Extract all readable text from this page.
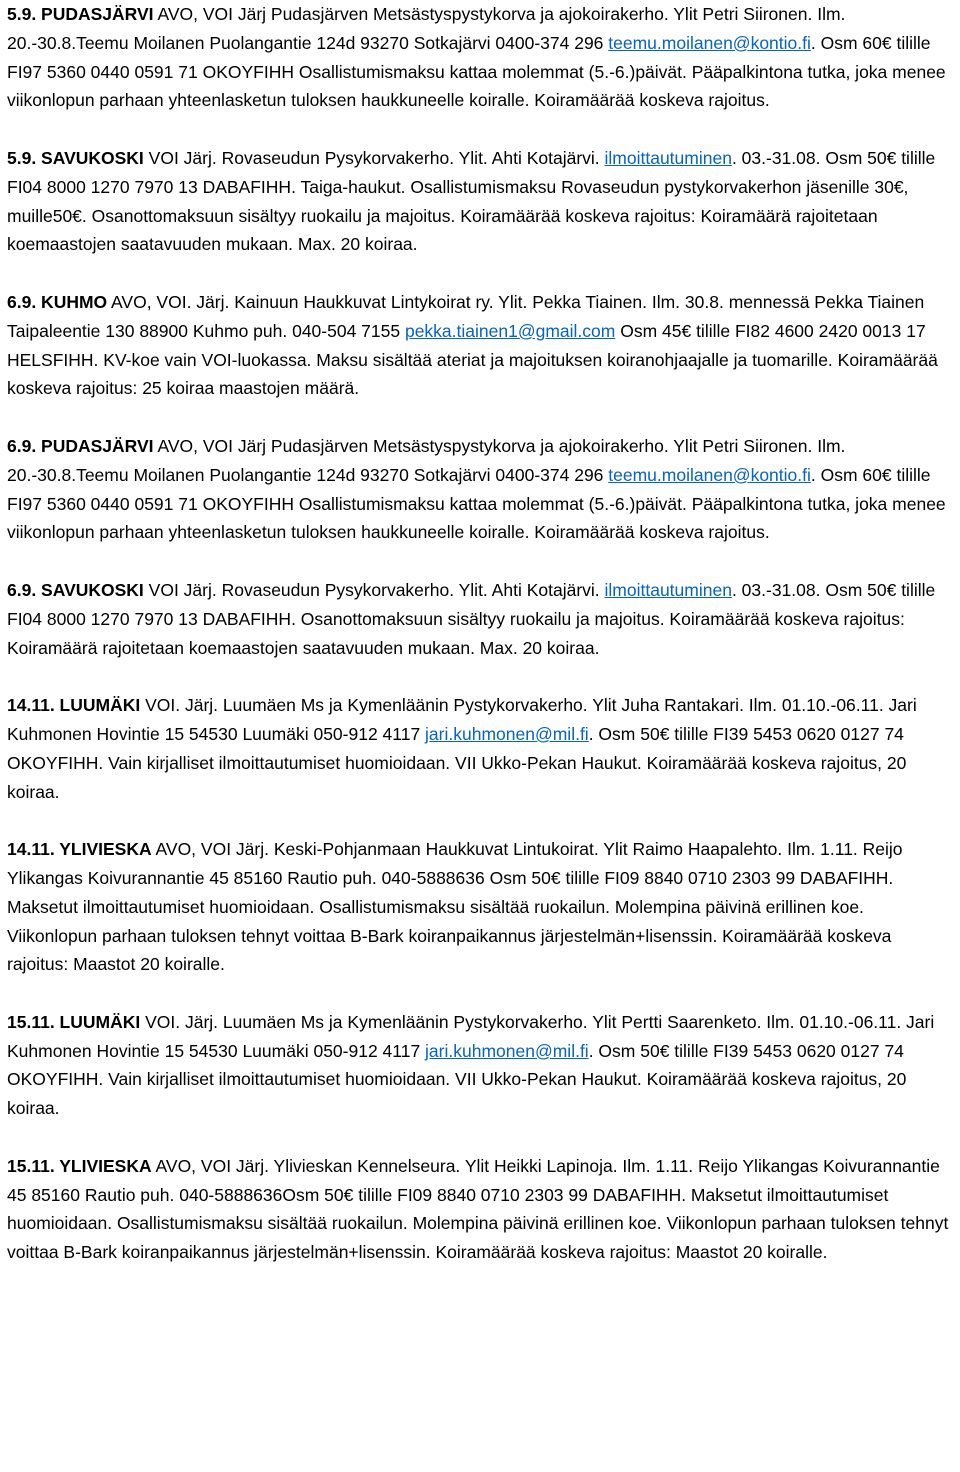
5.9. PUDASJÄRVI AVO, VOI Järj Pudasjärven Metsästyspystykorva ja ajokoirakerho. Ylit Petri Siironen. Ilm. 20.-30.8.Teemu Moilanen Puolangantie 124d 93270 Sotkajärvi 0400-374 296 teemu.moilanen@kontio.fi. Osm 60€ tilille FI97 5360 0440 0591 71 OKOYFIHH Osallistumismaksu kattaa molemmat (5.-6.)päivät. Pääpalkintona tutka, joka menee viikonlopun parhaan yhteenlasketun tuloksen haukkuneelle koiralle. Koiramäärää koskeva rajoitus.

5.9. SAVUKOSKI VOI Järj. Rovaseudun Pysykorvakerho. Ylit. Ahti Kotajärvi. ilmoittautuminen. 03.-31.08. Osm 50€ tilille FI04 8000 1270 7970 13 DABAFIHH. Taiga-haukut. Osallistumismaksu Rovaseudun pystykorvakerhon jäsenille 30€, muille50€. Osanottomaksuun sisältyy ruokailu ja majoitus. Koiramäärää koskeva rajoitus: Koiramäärä rajoitetaan koemaastojen saatavuuden mukaan. Max. 20 koiraa.

6.9. KUHMO AVO, VOI. Järj. Kainuun Haukkuvat Lintykoirat ry. Ylit. Pekka Tiainen. Ilm. 30.8. mennessä Pekka Tiainen Taipaleentie 130 88900 Kuhmo puh. 040-504 7155 pekka.tiainen1@gmail.com Osm 45€ tilille FI82 4600 2420 0013 17 HELSFIHH. KV-koe vain VOI-luokassa. Maksu sisältää ateriat ja majoituksen koiranohjaajalle ja tuomarille. Koiramäärää koskeva rajoitus: 25 koiraa maastojen määrä.

6.9. PUDASJÄRVI AVO, VOI Järj Pudasjärven Metsästyspystykorva ja ajokoirakerho. Ylit Petri Siironen. Ilm. 20.-30.8.Teemu Moilanen Puolangantie 124d 93270 Sotkajärvi 0400-374 296 teemu.moilanen@kontio.fi. Osm 60€ tilille FI97 5360 0440 0591 71 OKOYFIHH Osallistumismaksu kattaa molemmat (5.-6.)päivät. Pääpalkintona tutka, joka menee viikonlopun parhaan yhteenlasketun tuloksen haukkuneelle koiralle. Koiramäärää koskeva rajoitus.

6.9. SAVUKOSKI VOI Järj. Rovaseudun Pysykorvakerho. Ylit. Ahti Kotajärvi. ilmoittautuminen. 03.-31.08. Osm 50€ tilille FI04 8000 1270 7970 13 DABAFIHH. Osanottomaksuun sisältyy ruokailu ja majoitus. Koiramäärää koskeva rajoitus: Koiramäärä rajoitetaan koemaastojen saatavuuden mukaan. Max. 20 koiraa.

14.11. LUUMÄKI VOI. Järj. Luumäen Ms ja Kymenläänin Pystykorvakerho. Ylit Juha Rantakari. Ilm. 01.10.-06.11. Jari Kuhmonen Hovintie 15 54530 Luumäki 050-912 4117 jari.kuhmonen@mil.fi. Osm 50€ tilille FI39 5453 0620 0127 74 OKOYFIHH. Vain kirjalliset ilmoittautumiset huomioidaan. VII Ukko-Pekan Haukut. Koiramäärää koskeva rajoitus, 20 koiraa.

14.11. YLIVIESKA AVO, VOI Järj. Keski-Pohjanmaan Haukkuvat Lintukoirat. Ylit Raimo Haapalehto. Ilm. 1.11. Reijo Ylikangas Koivurannantie 45 85160 Rautio puh. 040-5888636 Osm 50€ tilille FI09 8840 0710 2303 99 DABAFIHH. Maksetut ilmoittautumiset huomioidaan. Osallistumismaksu sisältää ruokailun. Molempina päivinä erillinen koe. Viikonlopun parhaan tuloksen tehnyt voittaa B-Bark koiranpaikannus järjestelmän+lisenssin. Koiramäärää koskeva rajoitus: Maastot 20 koiralle.

15.11. LUUMÄKI VOI. Järj. Luumäen Ms ja Kymenläänin Pystykorvakerho. Ylit Pertti Saarenketo. Ilm. 01.10.-06.11. Jari Kuhmonen Hovintie 15 54530 Luumäki 050-912 4117 jari.kuhmonen@mil.fi. Osm 50€ tilille FI39 5453 0620 0127 74 OKOYFIHH. Vain kirjalliset ilmoittautumiset huomioidaan. VII Ukko-Pekan Haukut. Koiramäärää koskeva rajoitus, 20 koiraa.

15.11. YLIVIESKA AVO, VOI Järj. Ylivieskan Kennelseura. Ylit Heikki Lapinoja. Ilm. 1.11. Reijo Ylikangas Koivurannantie 45 85160 Rautio puh. 040-5888636Osm 50€ tilille FI09 8840 0710 2303 99 DABAFIHH. Maksetut ilmoittautumiset huomioidaan. Osallistumismaksu sisältää ruokailun. Molempina päivinä erillinen koe. Viikonlopun parhaan tuloksen tehnyt voittaa B-Bark koiranpaikannus järjestelmän+lisenssin. Koiramäärää koskeva rajoitus: Maastot 20 koiralle.
